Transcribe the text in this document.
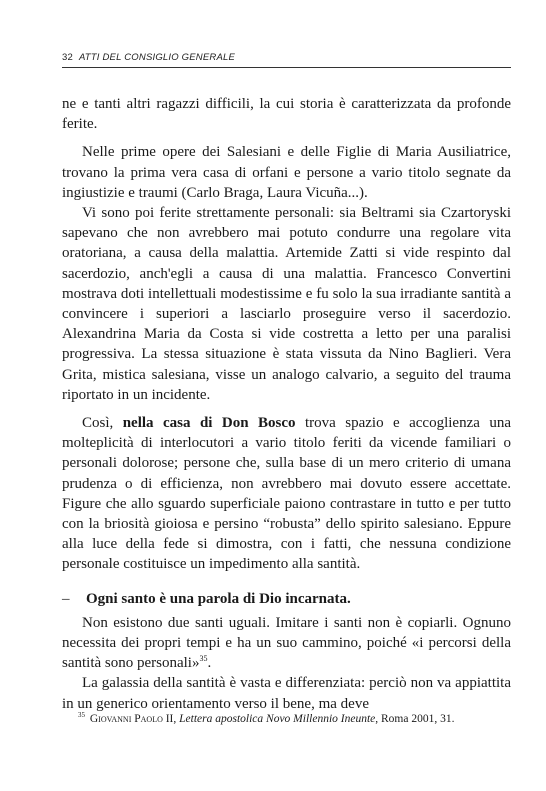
32 ATTI DEL CONSIGLIO GENERALE

ne e tanti altri ragazzi difficili, la cui storia è caratterizzata da profonde ferite.

Nelle prime opere dei Salesiani e delle Figlie di Maria Ausiliatrice, trovano la prima vera casa di orfani e persone a vario titolo segnate da ingiustizie e traumi (Carlo Braga, Laura Vicuña...).

Vi sono poi ferite strettamente personali: sia Beltrami sia Czartoryski sapevano che non avrebbero mai potuto condurre una regolare vita oratoriana, a causa della malattia. Artemide Zatti si vide respinto dal sacerdozio, anch'egli a causa di una malattia. Francesco Convertini mostrava doti intellettuali modestissime e fu solo la sua irradiante santità a convincere i superiori a lasciarlo proseguire verso il sacerdozio. Alexandrina Maria da Costa si vide costretta a letto per una paralisi progressiva. La stessa situazione è stata vissuta da Nino Baglieri. Vera Grita, mistica salesiana, visse un analogo calvario, a seguito del trauma riportato in un incidente.

Così, nella casa di Don Bosco trova spazio e accoglienza una molteplicità di interlocutori a vario titolo feriti da vicende familiari o personali dolorose; persone che, sulla base di un mero criterio di umana prudenza o di efficienza, non avrebbero mai dovuto essere accettate. Figure che allo sguardo superficiale paiono contrastare in tutto e per tutto con la briosità gioiosa e persino “robusta” dello spirito salesiano. Eppure alla luce della fede si dimostra, con i fatti, che nessuna condizione personale costituisce un impedimento alla santità.

–	Ogni santo è una parola di Dio incarnata.

Non esistono due santi uguali. Imitare i santi non è copiarli. Ognuno necessita dei propri tempi e ha un suo cammino, poiché «i percorsi della santità sono personali»$^{35}$.

La galassia della santità è vasta e differenziata: perciò non va appiattita in un generico orientamento verso il bene, ma deve

$^{35}$ Giovanni Paolo II, Lettera apostolica Novo Millennio Ineunte, Roma 2001, 31.
